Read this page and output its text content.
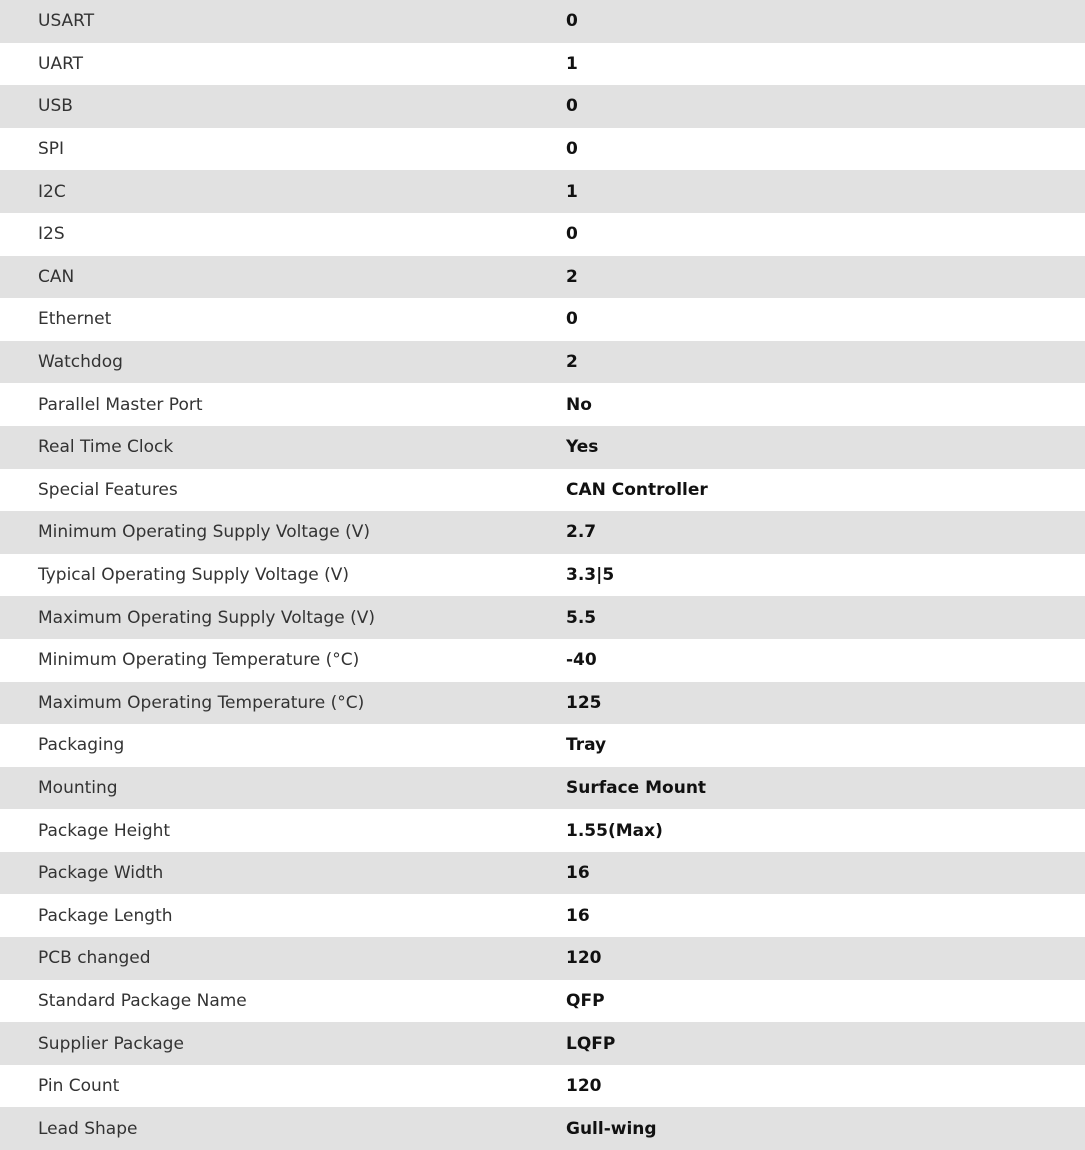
USART	0
UART	1
USB	0
SPI	0
I2C	1
I2S	0
CAN	2
Ethernet	0
Watchdog	2
Parallel Master Port	No
Real Time Clock	Yes
Special Features	CAN Controller
Minimum Operating Supply Voltage (V)	2.7
Typical Operating Supply Voltage (V)	3.3|5
Maximum Operating Supply Voltage (V)	5.5
Minimum Operating Temperature (°C)	-40
Maximum Operating Temperature (°C)	125
Packaging	Tray
Mounting	Surface Mount
Package Height	1.55(Max)
Package Width	16
Package Length	16
PCB changed	120
Standard Package Name	QFP
Supplier Package	LQFP
Pin Count	120
Lead Shape	Gull-wing
